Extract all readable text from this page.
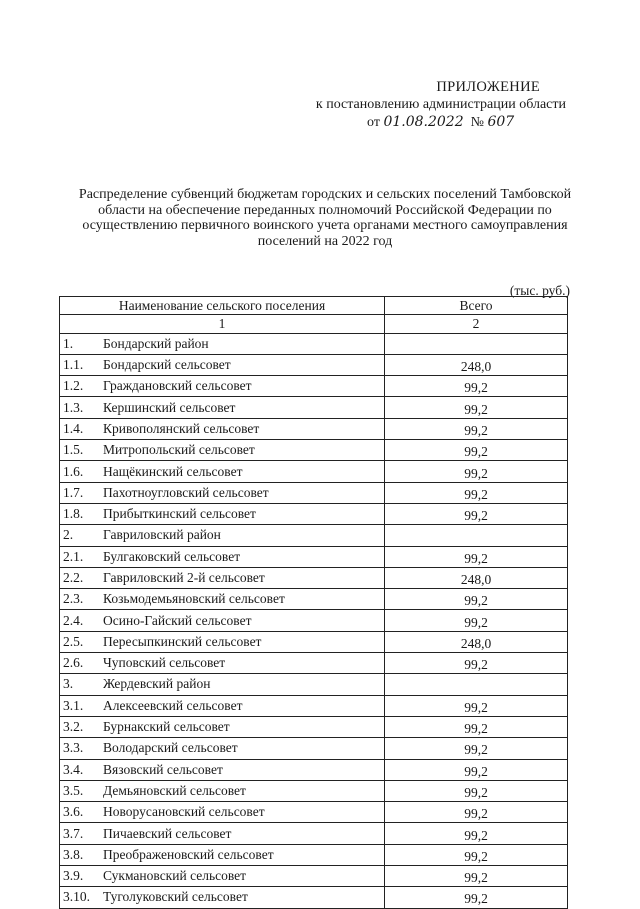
ПРИЛОЖЕНИЕ
к постановлению администрации области
от 01.08.2022 № 607
Распределение субвенций бюджетам городских и сельских поселений Тамбовской области на обеспечение переданных полномочий Российской Федерации по осуществлению первичного воинского учета органами местного самоуправления поселений на 2022 год
(тыс. руб.)
Наименование сельского поселения	Всего
1	2
1. Бондарский район	
1.1. Бондарский сельсовет	248,0
1.2. Граждановский сельсовет	99,2
1.3. Кершинский сельсовет	99,2
1.4. Кривополянский сельсовет	99,2
1.5. Митропольский сельсовет	99,2
1.6. Нащёкинский сельсовет	99,2
1.7. Пахотноугловский сельсовет	99,2
1.8. Прибыткинский сельсовет	99,2
2. Гавриловский район	
2.1. Булгаковский сельсовет	99,2
2.2. Гавриловский 2-й сельсовет	248,0
2.3. Козьмодемьяновский сельсовет	99,2
2.4. Осино-Гайский сельсовет	99,2
2.5. Пересыпкинский сельсовет	248,0
2.6. Чуповский сельсовет	99,2
3. Жердевский район	
3.1. Алексеевский сельсовет	99,2
3.2. Бурнакский сельсовет	99,2
3.3. Володарский сельсовет	99,2
3.4. Вязовский сельсовет	99,2
3.5. Демьяновский сельсовет	99,2
3.6. Новорусановский сельсовет	99,2
3.7. Пичаевский сельсовет	99,2
3.8. Преображеновский сельсовет	99,2
3.9. Сукмановский сельсовет	99,2
3.10. Туголуковский сельсовет	99,2
